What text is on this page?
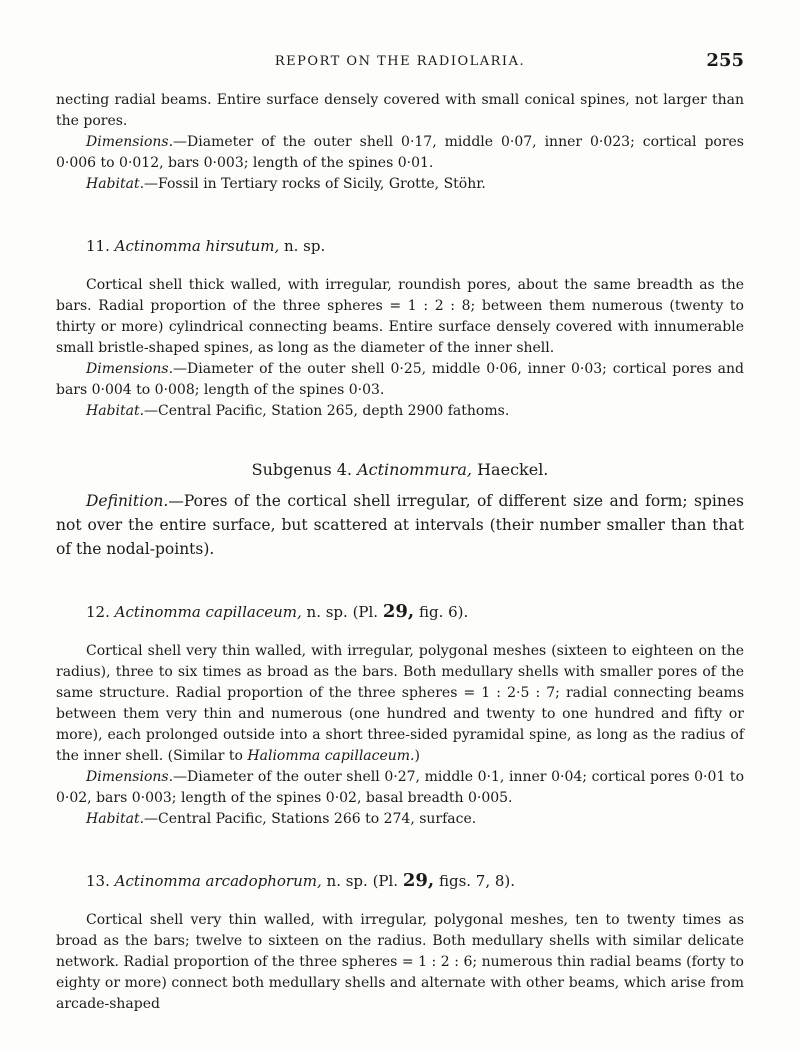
REPORT ON THE RADIOLARIA.	255

necting radial beams. Entire surface densely covered with small conical spines, not larger than the pores.

Dimensions.—Diameter of the outer shell 0·17, middle 0·07, inner 0·023; cortical pores 0·006 to 0·012, bars 0·003; length of the spines 0·01.

Habitat.—Fossil in Tertiary rocks of Sicily, Grotte, Stöhr.

11. Actinomma hirsutum, n. sp.

Cortical shell thick walled, with irregular, roundish pores, about the same breadth as the bars. Radial proportion of the three spheres = 1 : 2 : 8; between them numerous (twenty to thirty or more) cylindrical connecting beams. Entire surface densely covered with innumerable small bristle-shaped spines, as long as the diameter of the inner shell.

Dimensions.—Diameter of the outer shell 0·25, middle 0·06, inner 0·03; cortical pores and bars 0·004 to 0·008; length of the spines 0·03.

Habitat.—Central Pacific, Station 265, depth 2900 fathoms.

Subgenus 4. Actinommura, Haeckel.

Definition.—Pores of the cortical shell irregular, of different size and form; spines not over the entire surface, but scattered at intervals (their number smaller than that of the nodal-points).

12. Actinomma capillaceum, n. sp. (Pl. 29, fig. 6).

Cortical shell very thin walled, with irregular, polygonal meshes (sixteen to eighteen on the radius), three to six times as broad as the bars. Both medullary shells with smaller pores of the same structure. Radial proportion of the three spheres = 1 : 2·5 : 7; radial connecting beams between them very thin and numerous (one hundred and twenty to one hundred and fifty or more), each prolonged outside into a short three-sided pyramidal spine, as long as the radius of the inner shell. (Similar to Haliomma capillaceum.)

Dimensions.—Diameter of the outer shell 0·27, middle 0·1, inner 0·04; cortical pores 0·01 to 0·02, bars 0·003; length of the spines 0·02, basal breadth 0·005.

Habitat.—Central Pacific, Stations 266 to 274, surface.

13. Actinomma arcadophorum, n. sp. (Pl. 29, figs. 7, 8).

Cortical shell very thin walled, with irregular, polygonal meshes, ten to twenty times as broad as the bars; twelve to sixteen on the radius. Both medullary shells with similar delicate network. Radial proportion of the three spheres = 1 : 2 : 6; numerous thin radial beams (forty to eighty or more) connect both medullary shells and alternate with other beams, which arise from arcade-shaped
